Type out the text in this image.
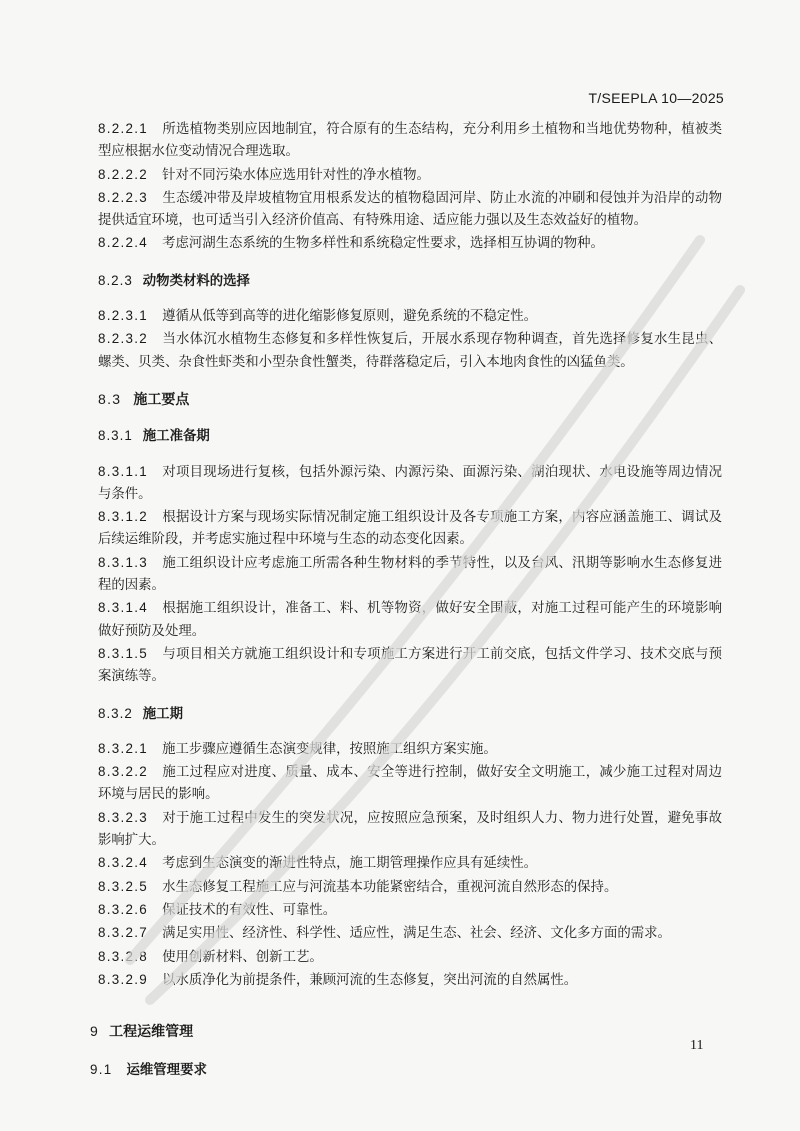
T/SEEPLA 10—2025

8.2.2.1 所选植物类别应因地制宜，符合原有的生态结构，充分利用乡土植物和当地优势物种，植被类型应根据水位变动情况合理选取。

8.2.2.2 针对不同污染水体应选用针对性的净水植物。

8.2.2.3 生态缓冲带及岸坡植物宜用根系发达的植物稳固河岸、防止水流的冲刷和侵蚀并为沿岸的动物提供适宜环境，也可适当引入经济价值高、有特殊用途、适应能力强以及生态效益好的植物。

8.2.2.4 考虑河湖生态系统的生物多样性和系统稳定性要求，选择相互协调的物种。

8.2.3 动物类材料的选择

8.2.3.1 遵循从低等到高等的进化缩影修复原则，避免系统的不稳定性。

8.2.3.2 当水体沉水植物生态修复和多样性恢复后，开展水系现存物种调查，首先选择修复水生昆虫、螺类、贝类、杂食性虾类和小型杂食性蟹类，待群落稳定后，引入本地肉食性的凶猛鱼类。

8.3 施工要点

8.3.1 施工准备期

8.3.1.1 对项目现场进行复核，包括外源污染、内源污染、面源污染、湖泊现状、水电设施等周边情况与条件。

8.3.1.2 根据设计方案与现场实际情况制定施工组织设计及各专项施工方案，内容应涵盖施工、调试及后续运维阶段，并考虑实施过程中环境与生态的动态变化因素。

8.3.1.3 施工组织设计应考虑施工所需各种生物材料的季节特性，以及台风、汛期等影响水生态修复进程的因素。

8.3.1.4 根据施工组织设计，准备工、料、机等物资，做好安全围蔽，对施工过程可能产生的环境影响做好预防及处理。

8.3.1.5 与项目相关方就施工组织设计和专项施工方案进行开工前交底，包括文件学习、技术交底与预案演练等。

8.3.2 施工期

8.3.2.1 施工步骤应遵循生态演变规律，按照施工组织方案实施。

8.3.2.2 施工过程应对进度、质量、成本、安全等进行控制，做好安全文明施工，减少施工过程对周边环境与居民的影响。

8.3.2.3 对于施工过程中发生的突发状况，应按照应急预案，及时组织人力、物力进行处置，避免事故影响扩大。

8.3.2.4 考虑到生态演变的渐进性特点，施工期管理操作应具有延续性。

8.3.2.5 水生态修复工程施工应与河流基本功能紧密结合，重视河流自然形态的保持。

8.3.2.6 保证技术的有效性、可靠性。

8.3.2.7 满足实用性、经济性、科学性、适应性，满足生态、社会、经济、文化多方面的需求。

8.3.2.8 使用创新材料、创新工艺。

8.3.2.9 以水质净化为前提条件，兼顾河流的生态修复，突出河流的自然属性。

9 工程运维管理

9.1 运维管理要求

11
